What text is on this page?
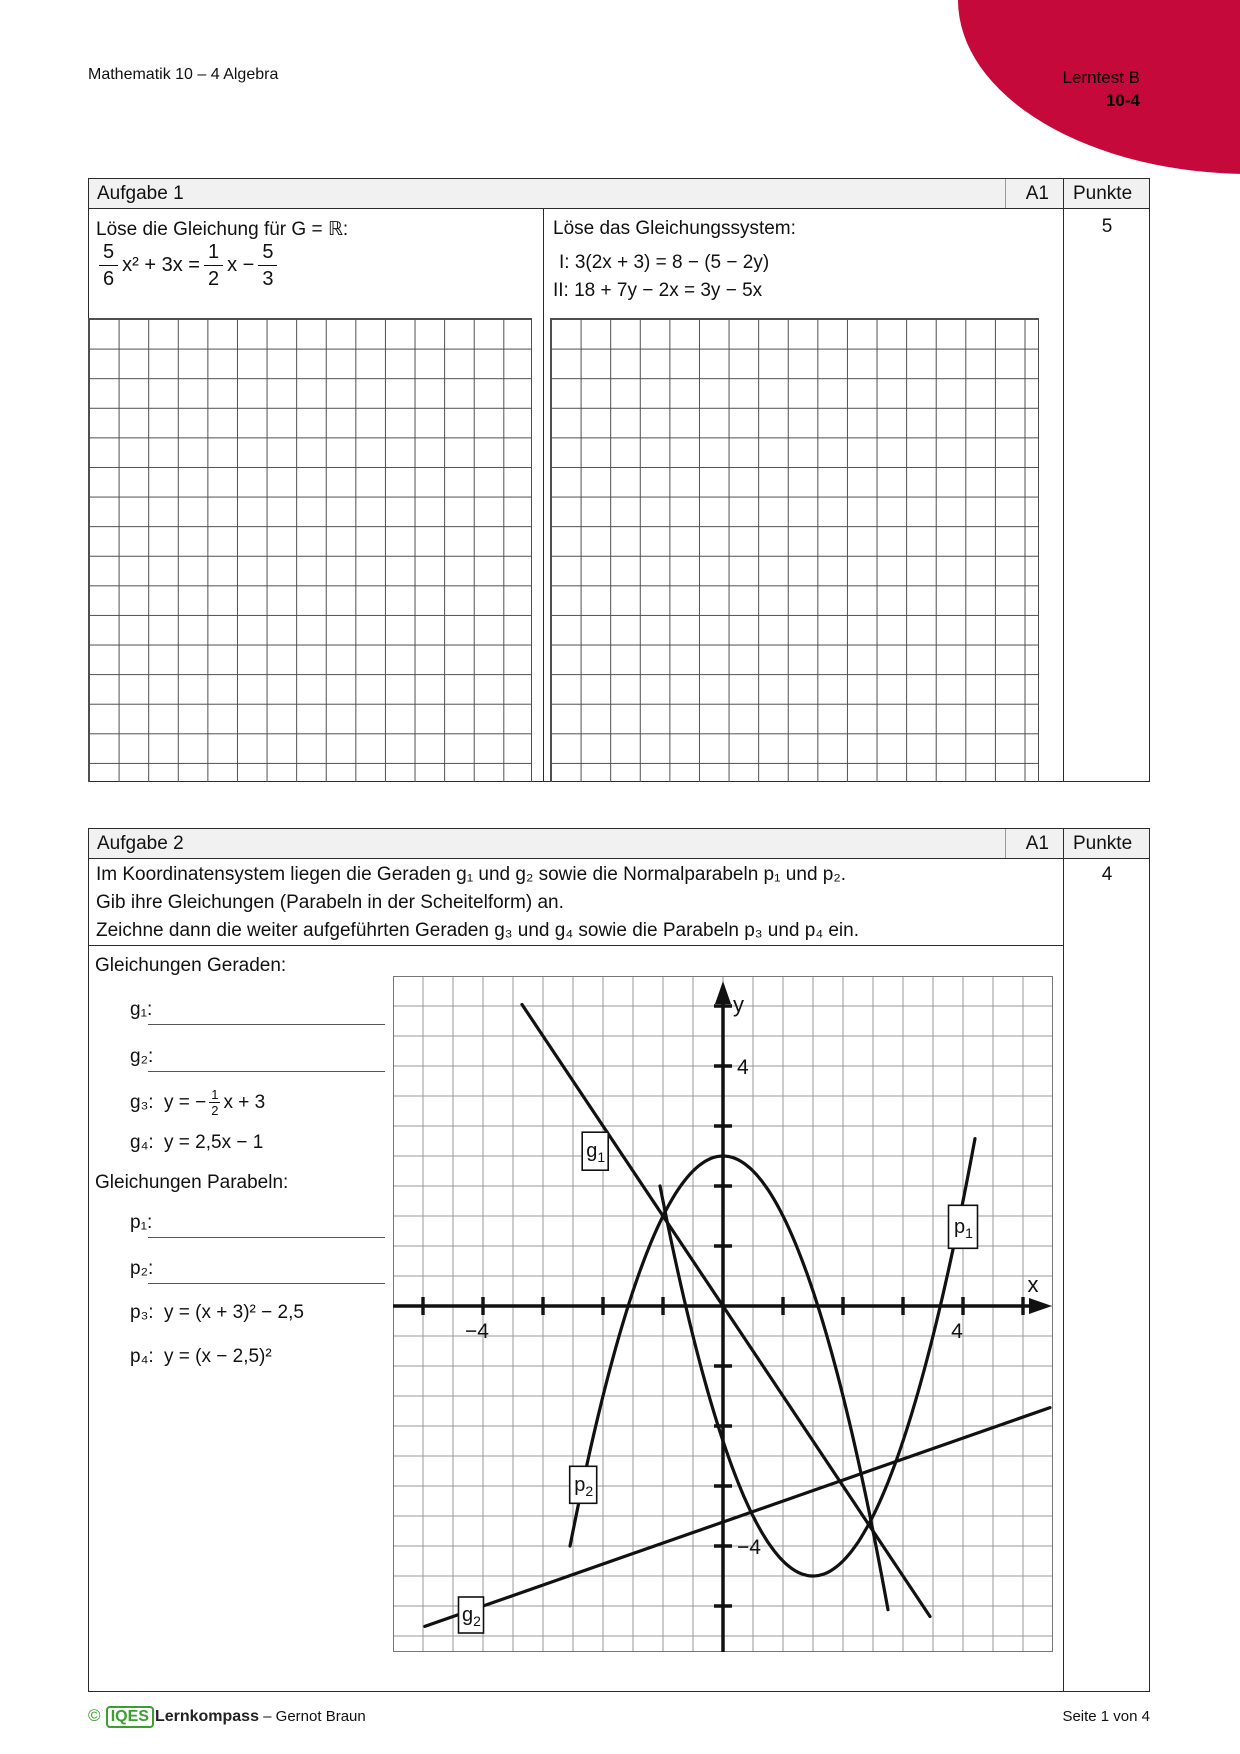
Lerntest B
10-4
Mathematik 10 – 4 Algebra
Aufgabe 1	A1	Punkte
5
Löse die Gleichung für G = ℝ:
$\frac{5}{6} x^2 + 3x = \frac{1}{2}$ $x - \frac{5}{3}$
Löse das Gleichungssystem:
I: 3(2x + 3) = 8 − (5 − 2y)
II: 18 + 7y − 2x = 3y − 5x
Aufgabe 2	A1	Punkte
4
Im Koordinatensystem liegen die Geraden g₁ und g₂ sowie die Normalparabeln p₁ und p₂.
Gib ihre Gleichungen (Parabeln in der Scheitelform) an.
Zeichne dann die weiter aufgeführten Geraden g₃ und g₄ sowie die Parabeln p₃ und p₄ ein.
Gleichungen Geraden:
g₁:
g₂:
g₃: y = − $\frac{1}{2}$ x + 3
g₄: y = 2,5x − 1
Gleichungen Parabeln:
p₁:
p₂:
p₃: y = (x + 3)² − 2,5
p₄: y = (x − 2,5)²
−4	4
4
−4
x
y
$g_1$
$g_2$
$p_1$
$p_2$
© IQES Lernkompass – Gernot Braun	Seite 1 von 4
